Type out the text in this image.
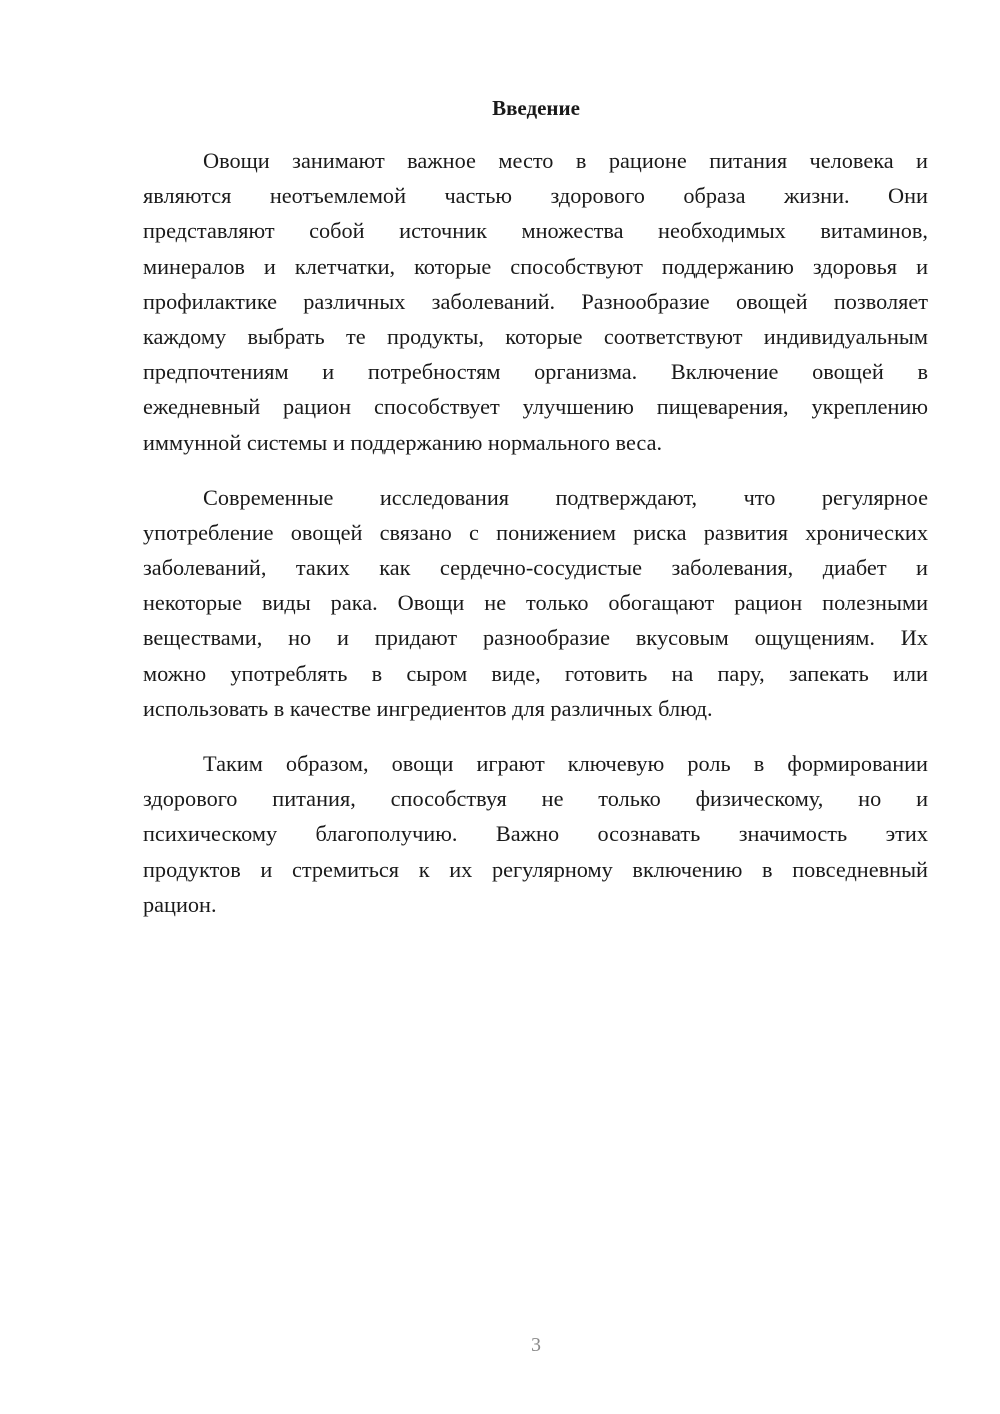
Введение

Овощи занимают важное место в рационе питания человека и
являются неотъемлемой частью здорового образа жизни. Они
представляют собой источник множества необходимых витаминов,
минералов и клетчатки, которые способствуют поддержанию здоровья и
профилактике различных заболеваний. Разнообразие овощей позволяет
каждому выбрать те продукты, которые соответствуют индивидуальным
предпочтениям и потребностям организма. Включение овощей в
ежедневный рацион способствует улучшению пищеварения, укреплению
иммунной системы и поддержанию нормального веса.

Современные исследования подтверждают, что регулярное
употребление овощей связано с понижением риска развития хронических
заболеваний, таких как сердечно-сосудистые заболевания, диабет и
некоторые виды рака. Овощи не только обогащают рацион полезными
веществами, но и придают разнообразие вкусовым ощущениям. Их
можно употреблять в сыром виде, готовить на пару, запекать или
использовать в качестве ингредиентов для различных блюд.

Таким образом, овощи играют ключевую роль в формировании
здорового питания, способствуя не только физическому, но и
психическому благополучию. Важно осознавать значимость этих
продуктов и стремиться к их регулярному включению в повседневный
рацион.

3
